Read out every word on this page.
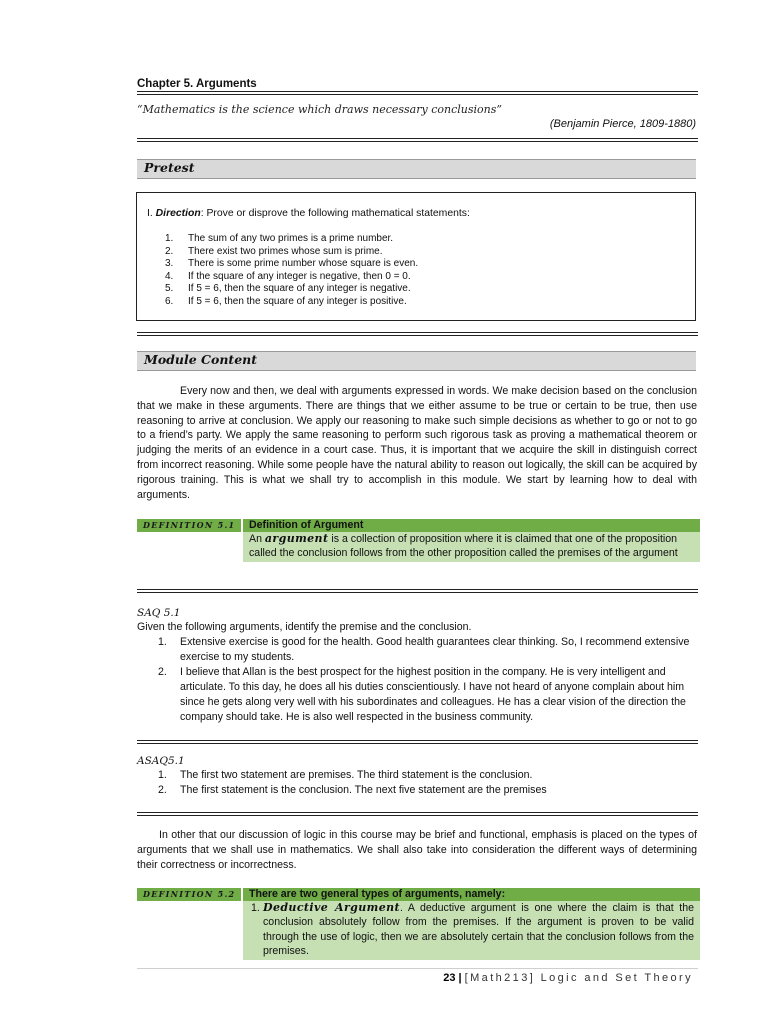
Chapter 5. Arguments
“Mathematics is the science which draws necessary conclusions”
(Benjamin Pierce, 1809-1880)
Pretest
I. Direction: Prove or disprove the following mathematical statements:
1.	The sum of any two primes is a prime number.
2.	There exist two primes whose sum is prime.
3.	There is some prime number whose square is even.
4.	If the square of any integer is negative, then 0 = 0.
5.	If 5 = 6, then the square of any integer is negative.
6.	If 5 = 6, then the square of any integer is positive.
Module Content

Every now and then, we deal with arguments expressed in words. We make decision based on the conclusion that we make in these arguments. There are things that we either assume to be true or certain to be true, then use reasoning to arrive at conclusion. We apply our reasoning to make such simple decisions as whether to go or not to go to a friend’s party. We apply the same reasoning to perform such rigorous task as proving a mathematical theorem or judging the merits of an evidence in a court case. Thus, it is important that we acquire the skill in distinguish correct from incorrect reasoning. While some people have the natural ability to reason out logically, the skill can be acquired by rigorous training. This is what we shall try to accomplish in this module. We start by learning how to deal with arguments.

DEFINITION 5.1	Definition of Argument
An argument is a collection of proposition where it is claimed that one of the proposition called the conclusion follows from the other proposition called the premises of the argument
SAQ 5.1
Given the following arguments, identify the premise and the conclusion.
1.	Extensive exercise is good for the health. Good health guarantees clear thinking. So, I recommend extensive exercise to my students.
2.	I believe that Allan is the best prospect for the highest position in the company. He is very intelligent and articulate. To this day, he does all his duties conscientiously. I have not heard of anyone complain about him since he gets along very well with his subordinates and colleagues. He has a clear vision of the direction the company should take. He is also well respected in the business community.
ASAQ5.1
1.	The first two statement are premises. The third statement is the conclusion.
2.	The first statement is the conclusion. The next five statement are the premises

In other that our discussion of logic in this course may be brief and functional, emphasis is placed on the types of arguments that we shall use in mathematics. We shall also take into consideration the different ways of determining their correctness or incorrectness.

DEFINITION 5.2	There are two general types of arguments, namely:
1. Deductive Argument. A deductive argument is one where the claim is that the conclusion absolutely follow from the premises. If the argument is proven to be valid through the use of logic, then we are absolutely certain that the conclusion follows from the premises.
23 | [Math213] Logic and Set Theory
